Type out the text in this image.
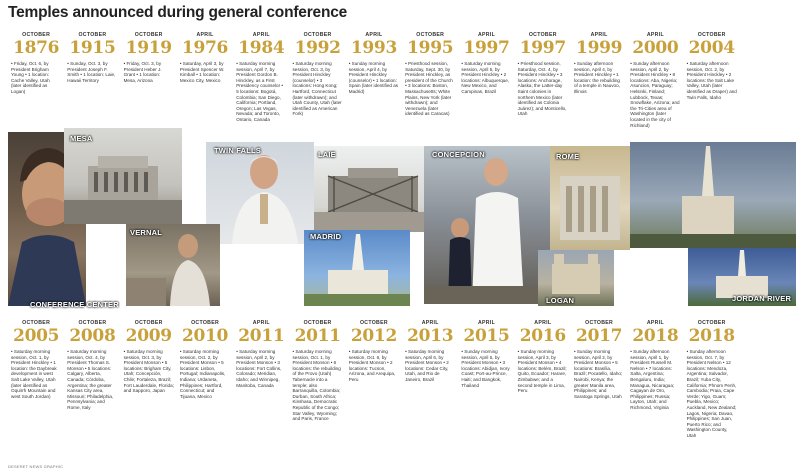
Temples announced during general conference
OCTOBER
1876
• Friday, Oct. 6, by President Brigham Young • 1 location: Cache Valley, Utah (later identified as Logan)
OCTOBER
1915
• Sunday, Oct. 3, by President Joseph F. Smith • 1 location: Laie, Hawaii Territory
OCTOBER
1919
• Friday, Oct. 3, by President Heber J. Grant • 1 location: Mesa, Arizona
APRIL
1976
• Saturday, April 3, by President Spencer W. Kimball • 1 location: Mexico City, Mexico
APRIL
1984
• Saturday morning session, April 7, by President Gordon B. Hinckley, as a First Presidency counselor • 5 locations: Bogotá, Colombia; San Diego, California; Portland, Oregon; Las Vegas, Nevada; and Toronto, Ontario, Canada
OCTOBER
1992
• Saturday morning session, Oct. 3, by President Hinckley (counselor) • 3 locations: Hong Kong; Hartford, Connecticut (later withdrawn); and Utah County, Utah (later identified as American Fork)
APRIL
1993
• Sunday morning session, April 4, by President Hinckley (counselor) • 1 location: Spain (later identified as Madrid)
OCTOBER
1995
• Priesthood session, Saturday, Sept. 30, by President Hinckley, as president of the Church • 3 locations: Boston, Massachusetts; White Plains, New York (later withdrawn); and Venezuela (later identified as Caracas)
APRIL
1997
• Saturday morning session, April 5, by President Hinckley • 2 locations: Albuquerque, New Mexico, and Campinas, Brazil
OCTOBER
1997
• Priesthood session, Saturday, Oct. 4, by President Hinckley • 3 locations: Anchorage, Alaska; the Latter-day Saint colonies in northern Mexico (later identified as Colonia Juárez); and Monticello, Utah
APRIL
1999
• Sunday afternoon session, April 4, by President Hinckley • 1 location: the rebuilding of a temple in Nauvoo, Illinois
APRIL
2000
• Sunday afternoon session, April 2, by President Hinckley • 8 locations: Aba, Nigeria; Asuncion, Paraguay; Helsinki, Finland; Lubbock, Texas; Snowflake, Arizona; and the Tri-Cities area of Washington (later located in the city of Richland)
OCTOBER
2004
• Saturday afternoon session, Oct. 2, by President Hinckley • 2 locations: the Salt Lake Valley, Utah (later identified as Draper) and Twin Falls, Idaho
MESA
TWIN FALLS	LAIE	CONCEPCION	ROME
VERNAL	MADRID
LOGAN	JORDAN RIVER
CONFERENCE CENTER
OCTOBER
2005
• Saturday morning session, Oct. 1, by President Hinckley • 1 location: the Daybreak development in west Salt Lake Valley, Utah (later identified as Oquirrh Mountain and west South Jordan)
OCTOBER
2008
• Saturday morning session, Oct. 4, by President Thomas S. Monson • 5 locations: Calgary, Alberta, Canada; Córdoba, Argentina; the greater Kansas City area, Missouri; Philadelphia, Pennsylvania; and Rome, Italy
OCTOBER
2009
• Saturday morning session, Oct. 3, by President Monson • 5 locations: Brigham City, Utah; Concepción, Chile; Fortaleza, Brazil; Fort Lauderdale, Florida; and Sapporo, Japan
OCTOBER
2010
• Saturday morning session, Oct. 2, by President Monson • 5 locations: Lisbon, Portugal; Indianapolis, Indiana; Urdaneta, Philippines; Hartford, Connecticut; and Tijuana, Mexico
APRIL
2011
• Saturday morning session, April 2, by President Monson • 3 locations: Fort Collins, Colorado; Meridian, Idaho; and Winnipeg, Manitoba, Canada
OCTOBER
2011
• Saturday morning session, Oct. 1, by President Monson • 6 locations: the rebuilding of the Provo (Utah) Tabernacle into a temple; also Barranquilla, Colombia; Durban, South Africa; Kinshasa, Democratic Republic of the Congo; Star Valley, Wyoming; and Paris, France
OCTOBER
2012
• Saturday morning session, Oct. 6, by President Monson • 2 locations: Tucson, Arizona, and Arequipa, Peru
APRIL
2013
• Saturday morning session, April 6, by President Monson • 2 locations: Cedar City, Utah, and Rio de Janeiro, Brazil
APRIL
2015
• Sunday morning session, April 5, by President Monson • 3 locations: Abidjan, Ivory Coast; Port-au-Prince, Haiti; and Bangkok, Thailand
APRIL
2016
• Sunday morning session, April 3, by President Monson • 4 locations: Belém, Brazil; Quito, Ecuador; Harare, Zimbabwe; and a second temple in Lima, Peru
OCTOBER
2017
• Sunday morning session, April 2, by President Monson • 5 locations: Brasília, Brazil; Pocatello, Idaho; Nairobi, Kenya; the greater Manila area, Philippines; and Saratoga Springs, Utah
APRIL
2018
• Sunday afternoon session, April 1, by President Russell M. Nelson • 7 locations: Salta, Argentina; Bengaluru, India; Managua, Nicaragua; Cagayan de Oro, Philippines; Russia; Layton, Utah; and Richmond, Virginia
OCTOBER
2018
• Sunday afternoon session, Oct. 7, by President Nelson • 12 locations: Mendoza, Argentina; Salvador, Brazil; Yuba City, California; Phnom Penh, Cambodia; Praia, Cape Verde; Yigo, Guam; Puebla, Mexico; Auckland, New Zealand; Lagos, Nigeria; Davao, Philippines; San Juan, Puerto Rico; and Washington County, Utah
DESERET NEWS GRAPHIC
